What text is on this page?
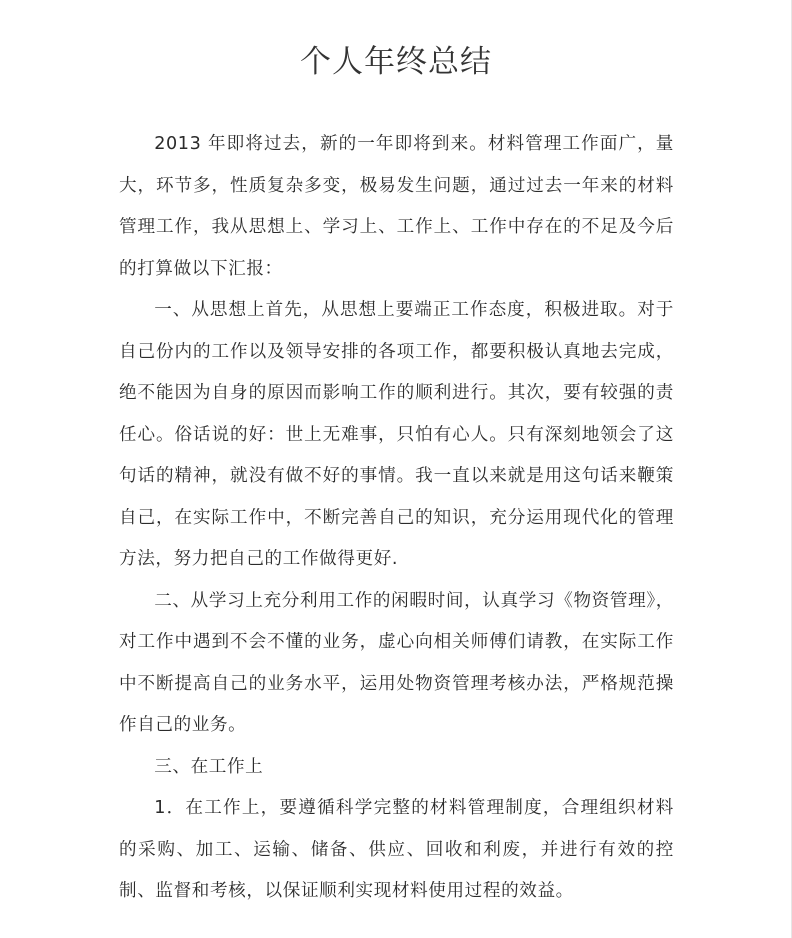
个人年终总结

2013 年即将过去，新的一年即将到来。材料管理工作面广，量大，环节多，性质复杂多变，极易发生问题，通过过去一年来的材料管理工作，我从思想上、学习上、工作上、工作中存在的不足及今后的打算做以下汇报：

一、从思想上首先，从思想上要端正工作态度，积极进取。对于自己份内的工作以及领导安排的各项工作，都要积极认真地去完成，绝不能因为自身的原因而影响工作的顺利进行。其次，要有较强的责任心。俗话说的好：世上无难事，只怕有心人。只有深刻地领会了这句话的精神，就没有做不好的事情。我一直以来就是用这句话来鞭策自己，在实际工作中，不断完善自己的知识，充分运用现代化的管理方法，努力把自己的工作做得更好.

二、从学习上充分利用工作的闲暇时间，认真学习《物资管理》，对工作中遇到不会不懂的业务，虚心向相关师傅们请教，在实际工作中不断提高自己的业务水平，运用处物资管理考核办法，严格规范操作自己的业务。

三、在工作上

1．在工作上，要遵循科学完整的材料管理制度，合理组织材料的采购、加工、运输、储备、供应、回收和利废，并进行有效的控制、监督和考核，以保证顺利实现材料使用过程的效益。
